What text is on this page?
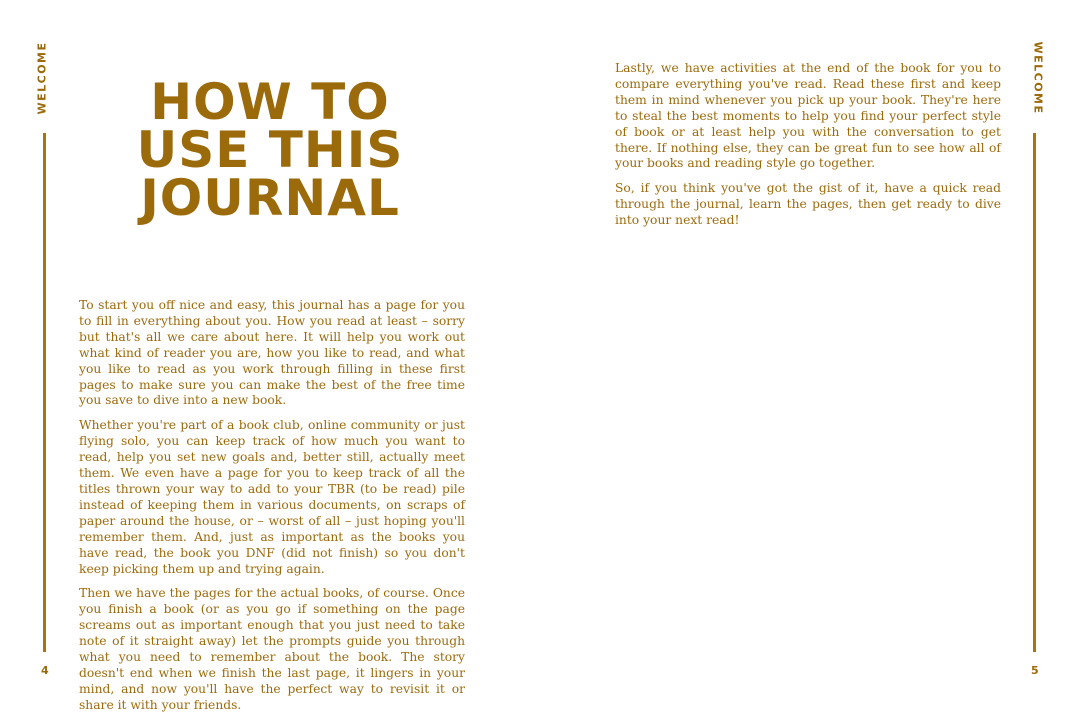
WELCOME
4
HOW TO
USE THIS
JOURNAL

To start you off nice and easy, this journal has a page for you to fill in everything about you. How you read at least – sorry but that's all we care about here. It will help you work out what kind of reader you are, how you like to read, and what you like to read as you work through filling in these first pages to make sure you can make the best of the free time you save to dive into a new book.

Whether you're part of a book club, online community or just flying solo, you can keep track of how much you want to read, help you set new goals and, better still, actually meet them. We even have a page for you to keep track of all the titles thrown your way to add to your TBR (to be read) pile instead of keeping them in various documents, on scraps of paper around the house, or – worst of all – just hoping you'll remember them. And, just as important as the books you have read, the book you DNF (did not finish) so you don't keep picking them up and trying again.

Then we have the pages for the actual books, of course. Once you finish a book (or as you go if something on the page screams out as important enough that you just need to take note of it straight away) let the prompts guide you through what you need to remember about the book. The story doesn't end when we finish the last page, it lingers in your mind, and now you'll have the perfect way to revisit it or share it with your friends.

Lastly, we have activities at the end of the book for you to compare everything you've read. Read these first and keep them in mind whenever you pick up your book. They're here to steal the best moments to help you find your perfect style of book or at least help you with the conversation to get there. If nothing else, they can be great fun to see how all of your books and reading style go together.

So, if you think you've got the gist of it, have a quick read through the journal, learn the pages, then get ready to dive into your next read!

WELCOME
5
